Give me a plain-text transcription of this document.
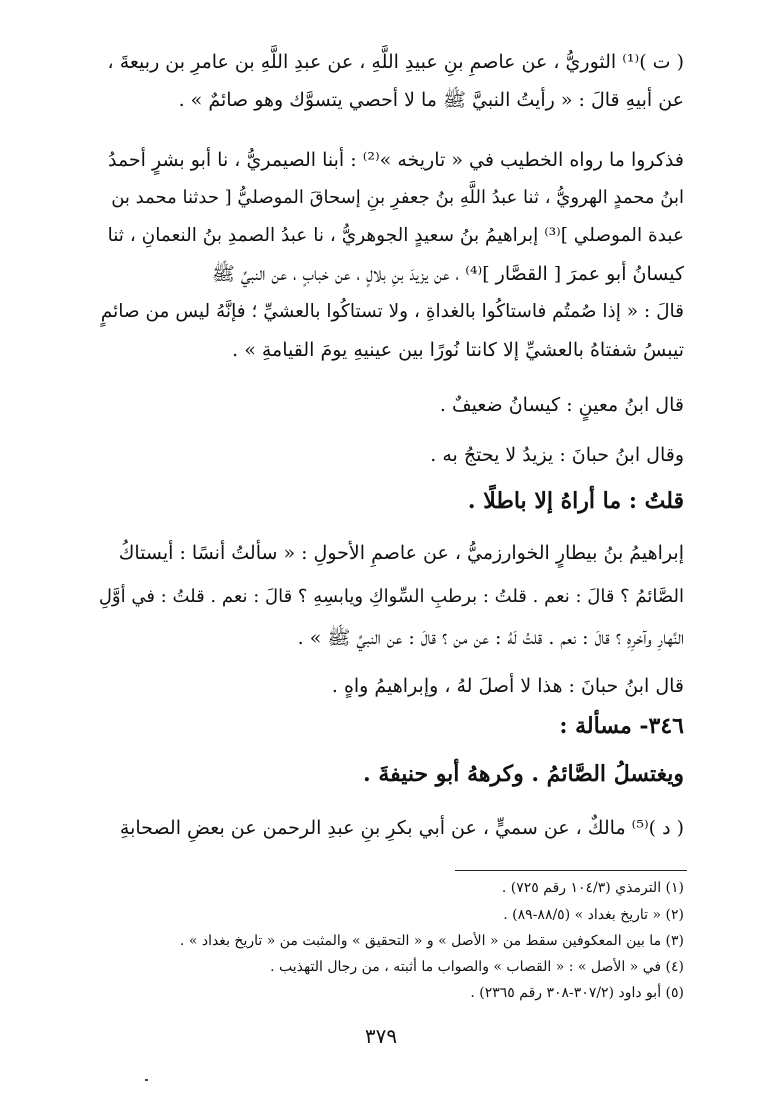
( ت )⁽¹⁾ الثوريُّ ، عن عاصمِ بنِ عبيدِ اللَّهِ ، عن عبدِ اللَّهِ بن عامرِ بن ربيعةَ ،
عن أبيهِ قالَ : « رأيتُ النبيَّ ﷺ ما لا أحصي يتسوَّك وهو صائمٌ » .
فذكروا ما رواه الخطيب في « تاريخه »⁽²⁾ : أبنا الصيمريُّ ، نا أبو بشرٍ أحمدُ
ابنُ محمدٍ الهرويُّ ، ثنا عبدُ اللَّهِ بنُ جعفرِ بنِ إسحاقَ الموصليُّ [ حدثنا محمد بن
عبدة الموصلي ]⁽³⁾ إبراهيمُ بنُ سعيدٍ الجوهريُّ ، نا عبدُ الصمدِ بنُ النعمانِ ، ثنا
كيسانُ أبو عمرَ [ القصَّار ]⁽⁴⁾ ، عن يزيدَ بنِ بلالٍ ، عن خبابٍ ، عن النبيِّ ﷺ
قالَ : « إذا صُمتُم فاستاكُوا بالغداةِ ، ولا تستاكُوا بالعشيِّ ؛ فإنَّهُ ليس من صائمٍ
تيبسُ شفتاهُ بالعشيِّ إلا كانتا نُورًا بين عينيهِ يومَ القيامةِ » .
قال ابنُ معينٍ : كيسانُ ضعيفٌ .
وقال ابنُ حبانَ : يزيدُ لا يحتجُ به .
قلتُ : ما أراهُ إلا باطلًا .
إبراهيمُ بنُ بيطارٍ الخوارزميُّ ، عن عاصمِ الأحولِ : « سألتُ أنسًا : أيستاكُ
الصَّائمُ ؟ قالَ : نعم . قلتُ : برطبِ السِّواكِ ويابسِهِ ؟ قالَ : نعم . قلتُ : في أوَّلِ
النَّهارِ وآخرِهِ ؟ قالَ : نعم . قلتُ لَهُ : عن من ؟ قالَ : عن النبيِّ ﷺ » .
قال ابنُ حبانَ : هذا لا أصلَ لهُ ، وإبراهيمُ واهٍ .
٣٤٦- مسألة :
ويغتسلُ الصَّائمُ . وكرههُ أبو حنيفةَ .
( د )⁽⁵⁾ مالكٌ ، عن سميٍّ ، عن أبي بكرِ بنِ عبدِ الرحمن عن بعضِ الصحابةِ
(١) الترمذي (١٠٤/٣ رقم ٧٢٥) .
(٢) « تاريخ بغداد » (٨٨/٥-٨٩) .
(٣) ما بين المعكوفين سقط من « الأصل » و « التحقيق » والمثبت من « تاريخ بغداد » .
(٤) في « الأصل » : « القصاب » والصواب ما أثبته ، من رجال التهذيب .
(٥) أبو داود (٣٠٧/٢-٣٠٨ رقم ٢٣٦٥) .
٣٧٩
